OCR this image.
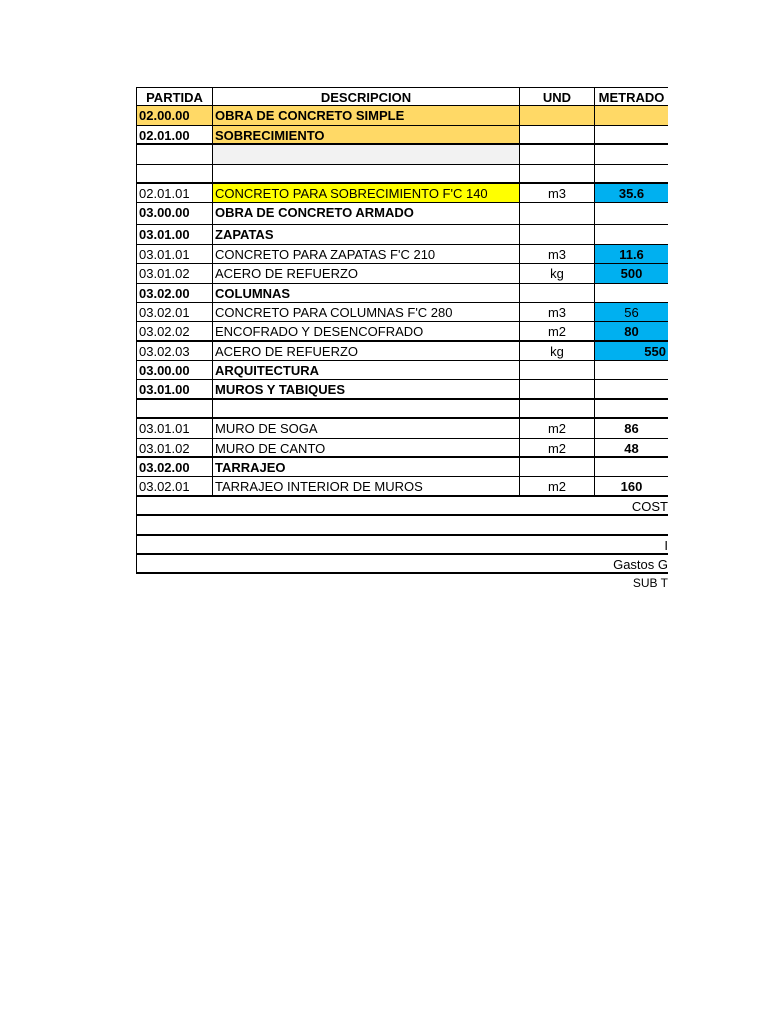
PARTIDA	DESCRIPCION	UND	METRADO
02.00.00	OBRA DE CONCRETO SIMPLE
02.01.00	SOBRECIMIENTO
02.01.01	CONCRETO PARA SOBRECIMIENTO F'C 140	m3	35.6
03.00.00	OBRA DE CONCRETO ARMADO
03.01.00	ZAPATAS
03.01.01	CONCRETO PARA ZAPATAS F'C 210	m3	11.6
03.01.02	ACERO DE REFUERZO	kg	500
03.02.00	COLUMNAS
03.02.01	CONCRETO PARA COLUMNAS F'C 280	m3	56
03.02.02	ENCOFRADO Y DESENCOFRADO	m2	80
03.02.03	ACERO DE REFUERZO	kg	550
03.00.00	ARQUITECTURA
03.01.00	MUROS Y TABIQUES
03.01.01	MURO DE SOGA	m2	86
03.01.02	MURO DE CANTO	m2	48
03.02.00	TARRAJEO
03.02.01	TARRAJEO INTERIOR DE MUROS	m2	160
COST
I
Gastos G
SUB T
